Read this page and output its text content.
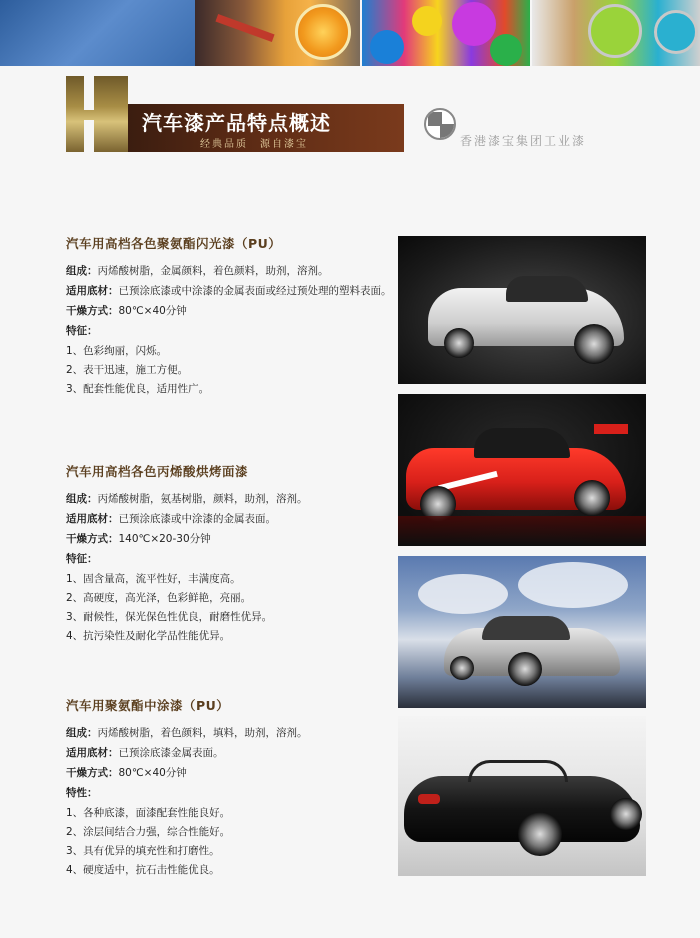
汽车漆产品特点概述
经典品质　源自漆宝	香港漆宝集团工业漆
汽车用高档各色聚氨酯闪光漆（PU）
组成：丙烯酸树脂，金属颜料，着色颜料，助剂，溶剂。
适用底材：已预涂底漆或中涂漆的金属表面或经过预处理的塑料表面。
干燥方式：80℃×40分钟
特征：
1、色彩绚丽，闪烁。
2、表干迅速，施工方便。
3、配套性能优良，适用性广。
汽车用高档各色丙烯酸烘烤面漆
组成：丙烯酸树脂，氨基树脂，颜料，助剂，溶剂。
适用底材：已预涂底漆或中涂漆的金属表面。
干燥方式：140℃×20-30分钟
特征：
1、固含量高，流平性好，丰满度高。
2、高硬度，高光泽，色彩鲜艳，亮丽。
3、耐候性，保光保色性优良，耐磨性优异。
4、抗污染性及耐化学品性能优异。
汽车用聚氨酯中涂漆（PU）
组成：丙烯酸树脂，着色颜料，填料，助剂，溶剂。
适用底材：已预涂底漆金属表面。
干燥方式：80℃×40分钟
特性：
1、各种底漆，面漆配套性能良好。
2、涂层间结合力强，综合性能好。
3、具有优异的填充性和打磨性。
4、硬度适中，抗石击性能优良。
